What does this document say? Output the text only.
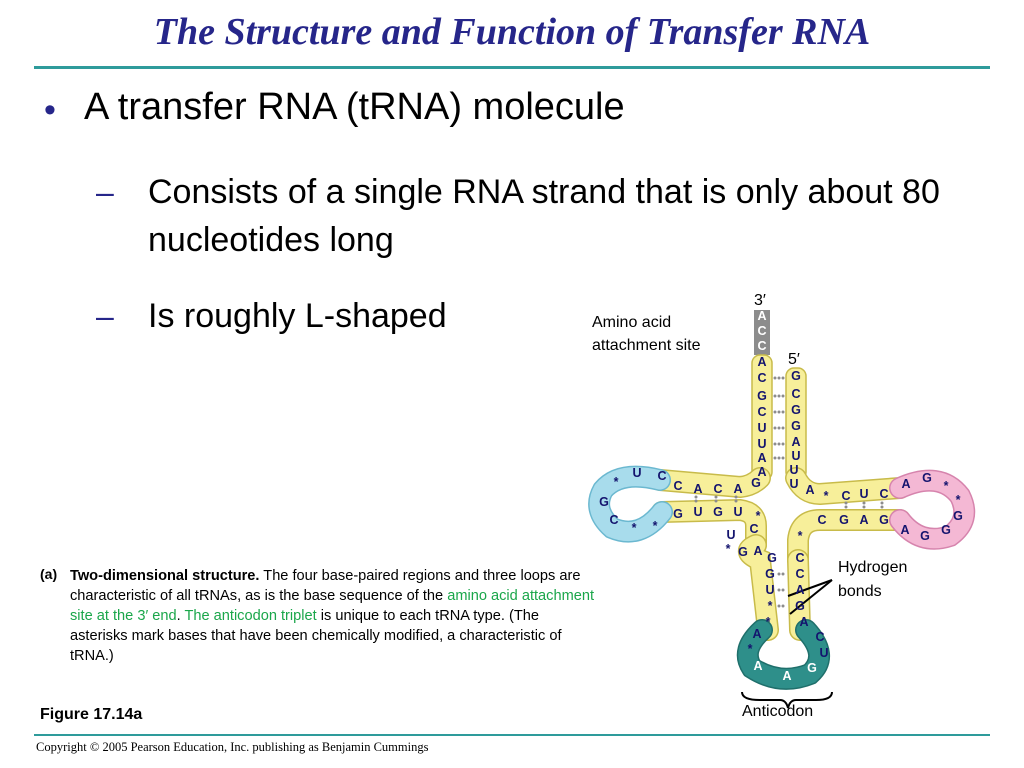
The Structure and Function of Transfer RNA
• A transfer RNA (tRNA) molecule
– Consists of a single RNA strand that is only about 80 nucleotides long
– Is roughly L-shaped	3′
5′
Amino acid
attachment site
Hydrogen
bonds
Anticodon
A
C
C
A
C
G
C
U
U
A
A
G
C
G
G
A
U
U
C A C A G
G U G U
U C
*
G
C
* *
* C U C
C G A G
A G
*
*
G
G
G
A
U A
*
C
U
* G A
*
G
G
U
*
*
C
C
A
G
A
A
*
A
A
G
U
C
(a) Two-dimensional structure. The four base-paired regions and three loops are characteristic of all tRNAs, as is the base sequence of the amino acid attachment site at the 3′ end. The anticodon triplet is unique to each tRNA type. (The asterisks mark bases that have been chemically modified, a characteristic of tRNA.)
Figure 17.14a
Copyright © 2005 Pearson Education, Inc. publishing as Benjamin Cummings
